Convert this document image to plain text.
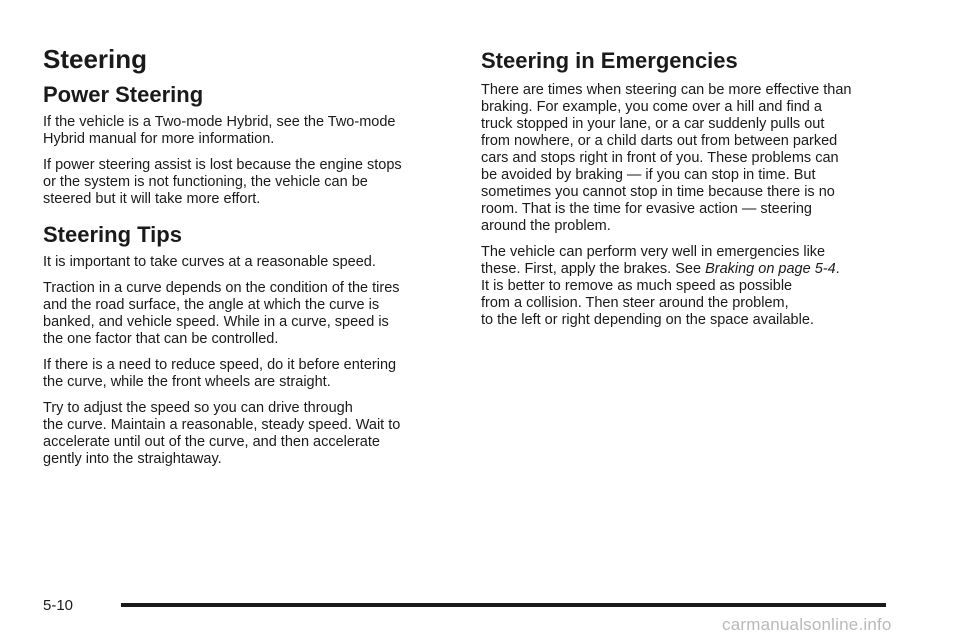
Steering
Power Steering

If the vehicle is a Two-mode Hybrid, see the Two-mode
Hybrid manual for more information.

If power steering assist is lost because the engine stops
or the system is not functioning, the vehicle can be
steered but it will take more effort.

Steering Tips

It is important to take curves at a reasonable speed.

Traction in a curve depends on the condition of the tires
and the road surface, the angle at which the curve is
banked, and vehicle speed. While in a curve, speed is
the one factor that can be controlled.

If there is a need to reduce speed, do it before entering
the curve, while the front wheels are straight.

Try to adjust the speed so you can drive through
the curve. Maintain a reasonable, steady speed. Wait to
accelerate until out of the curve, and then accelerate
gently into the straightaway.

Steering in Emergencies

There are times when steering can be more effective than
braking. For example, you come over a hill and find a
truck stopped in your lane, or a car suddenly pulls out
from nowhere, or a child darts out from between parked
cars and stops right in front of you. These problems can
be avoided by braking — if you can stop in time. But
sometimes you cannot stop in time because there is no
room. That is the time for evasive action — steering
around the problem.

The vehicle can perform very well in emergencies like
these. First, apply the brakes. See Braking on page 5-4.
It is better to remove as much speed as possible
from a collision. Then steer around the problem,
to the left or right depending on the space available.

5-10
carmanualsonline.info
